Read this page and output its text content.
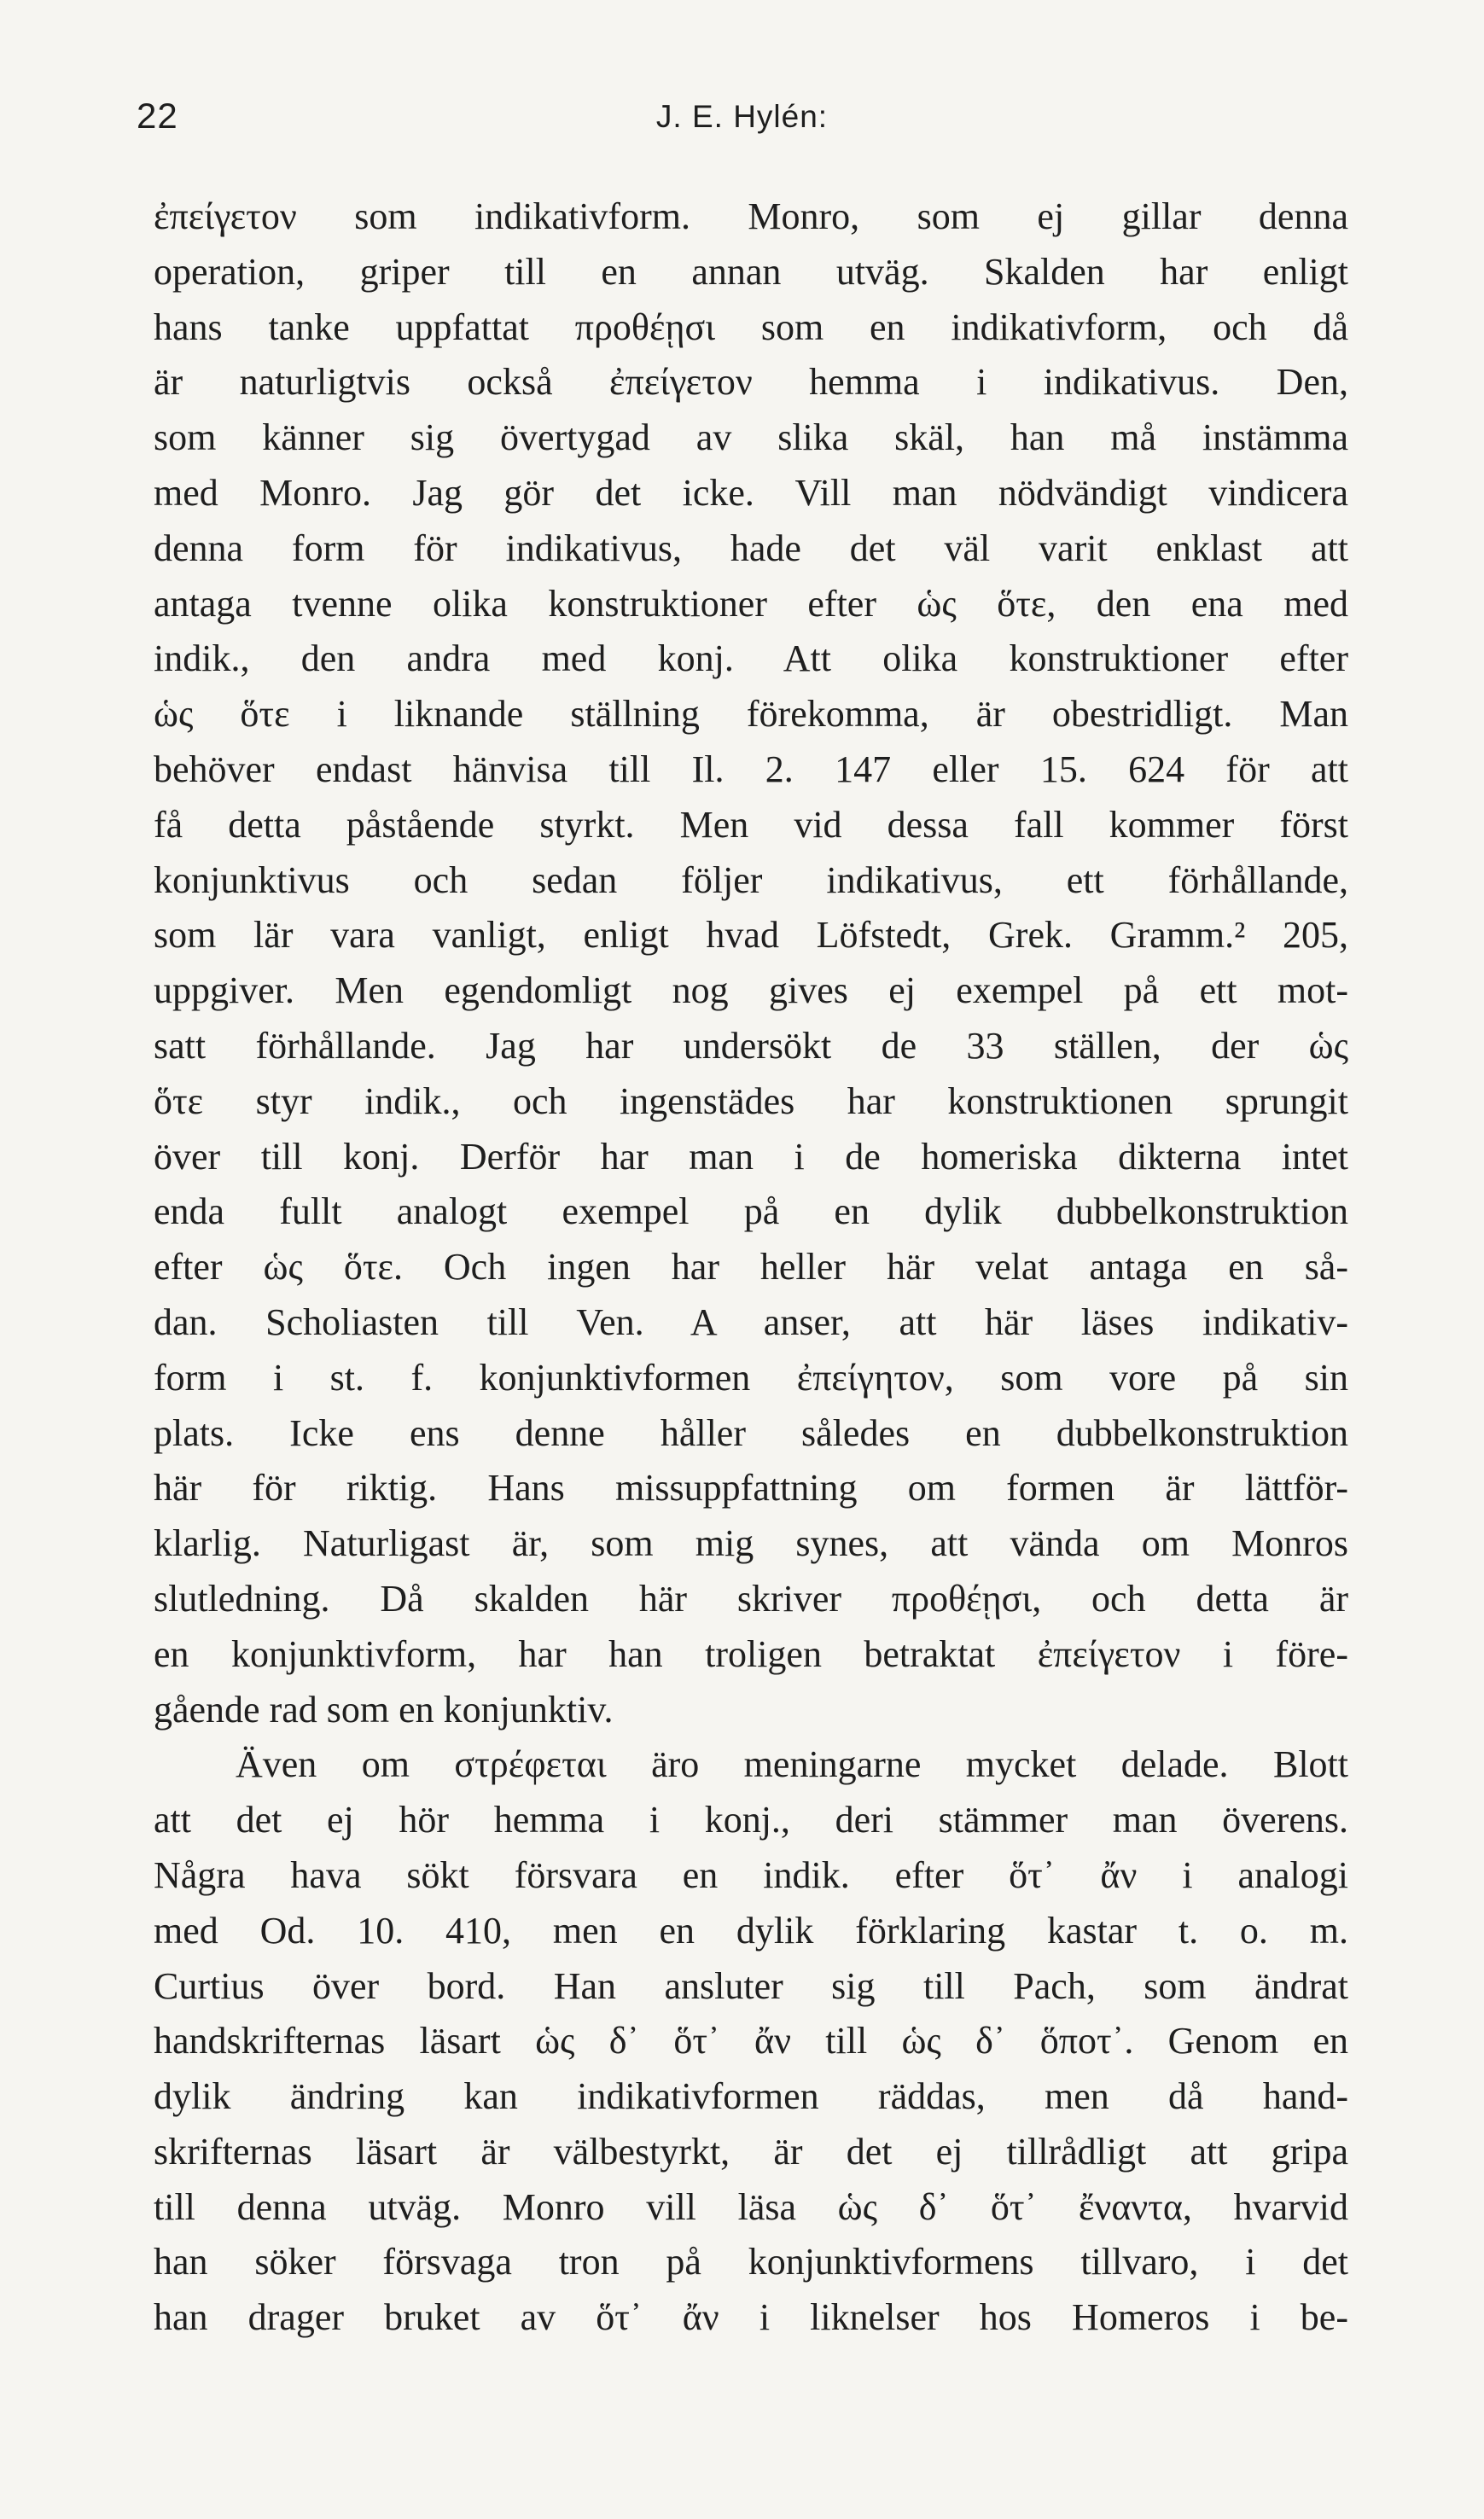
22	J. E. Hylén:
ἐπείγετον som indikativform. Monro, som ej gillar denna
operation, griper till en annan utväg. Skalden har enligt
hans tanke uppfattat προθέῃσι som en indikativform, och då
är naturligtvis också ἐπείγετον hemma i indikativus. Den,
som känner sig övertygad av slika skäl, han må instämma
med Monro. Jag gör det icke. Vill man nödvändigt vindicera
denna form för indikativus, hade det väl varit enklast att
antaga tvenne olika konstruktioner efter ὡς ὅτε, den ena med
indik., den andra med konj. Att olika konstruktioner efter
ὡς ὅτε i liknande ställning förekomma, är obestridligt. Man
behöver endast hänvisa till Il. 2. 147 eller 15. 624 för att
få detta påstående styrkt. Men vid dessa fall kommer först
konjunktivus och sedan följer indikativus, ett förhållande,
som lär vara vanligt, enligt hvad Löfstedt, Grek. Gramm.² 205,
uppgiver. Men egendomligt nog gives ej exempel på ett mot-
satt förhållande. Jag har undersökt de 33 ställen, der ὡς
ὅτε styr indik., och ingenstädes har konstruktionen sprungit
över till konj. Derför har man i de homeriska dikterna intet
enda fullt analogt exempel på en dylik dubbelkonstruktion
efter ὡς ὅτε. Och ingen har heller här velat antaga en så-
dan. Scholiasten till Ven. A anser, att här läses indikativ-
form i st. f. konjunktivformen ἐπείγητον, som vore på sin
plats. Icke ens denne håller således en dubbelkonstruktion
här för riktig. Hans missuppfattning om formen är lättför-
klarlig. Naturligast är, som mig synes, att vända om Monros
slutledning. Då skalden här skriver προθέῃσι, och detta är
en konjunktivform, har han troligen betraktat ἐπείγετον i före-
gående rad som en konjunktiv.
Även om στρέφεται äro meningarne mycket delade. Blott
att det ej hör hemma i konj., deri stämmer man överens.
Några hava sökt försvara en indik. efter ὅτ᾽ ἄν i analogi
med Od. 10. 410, men en dylik förklaring kastar t. o. m.
Curtius över bord. Han ansluter sig till Pach, som ändrat
handskrifternas läsart ὡς δ᾽ ὅτ᾽ ἄν till ὡς δ᾽ ὅποτ᾽. Genom en
dylik ändring kan indikativformen räddas, men då hand-
skrifternas läsart är välbestyrkt, är det ej tillrådligt att gripa
till denna utväg. Monro vill läsa ὡς δ᾽ ὅτ᾽ ἔναντα, hvarvid
han söker försvaga tron på konjunktivformens tillvaro, i det
han drager bruket av ὅτ᾽ ἄν i liknelser hos Homeros i be-
